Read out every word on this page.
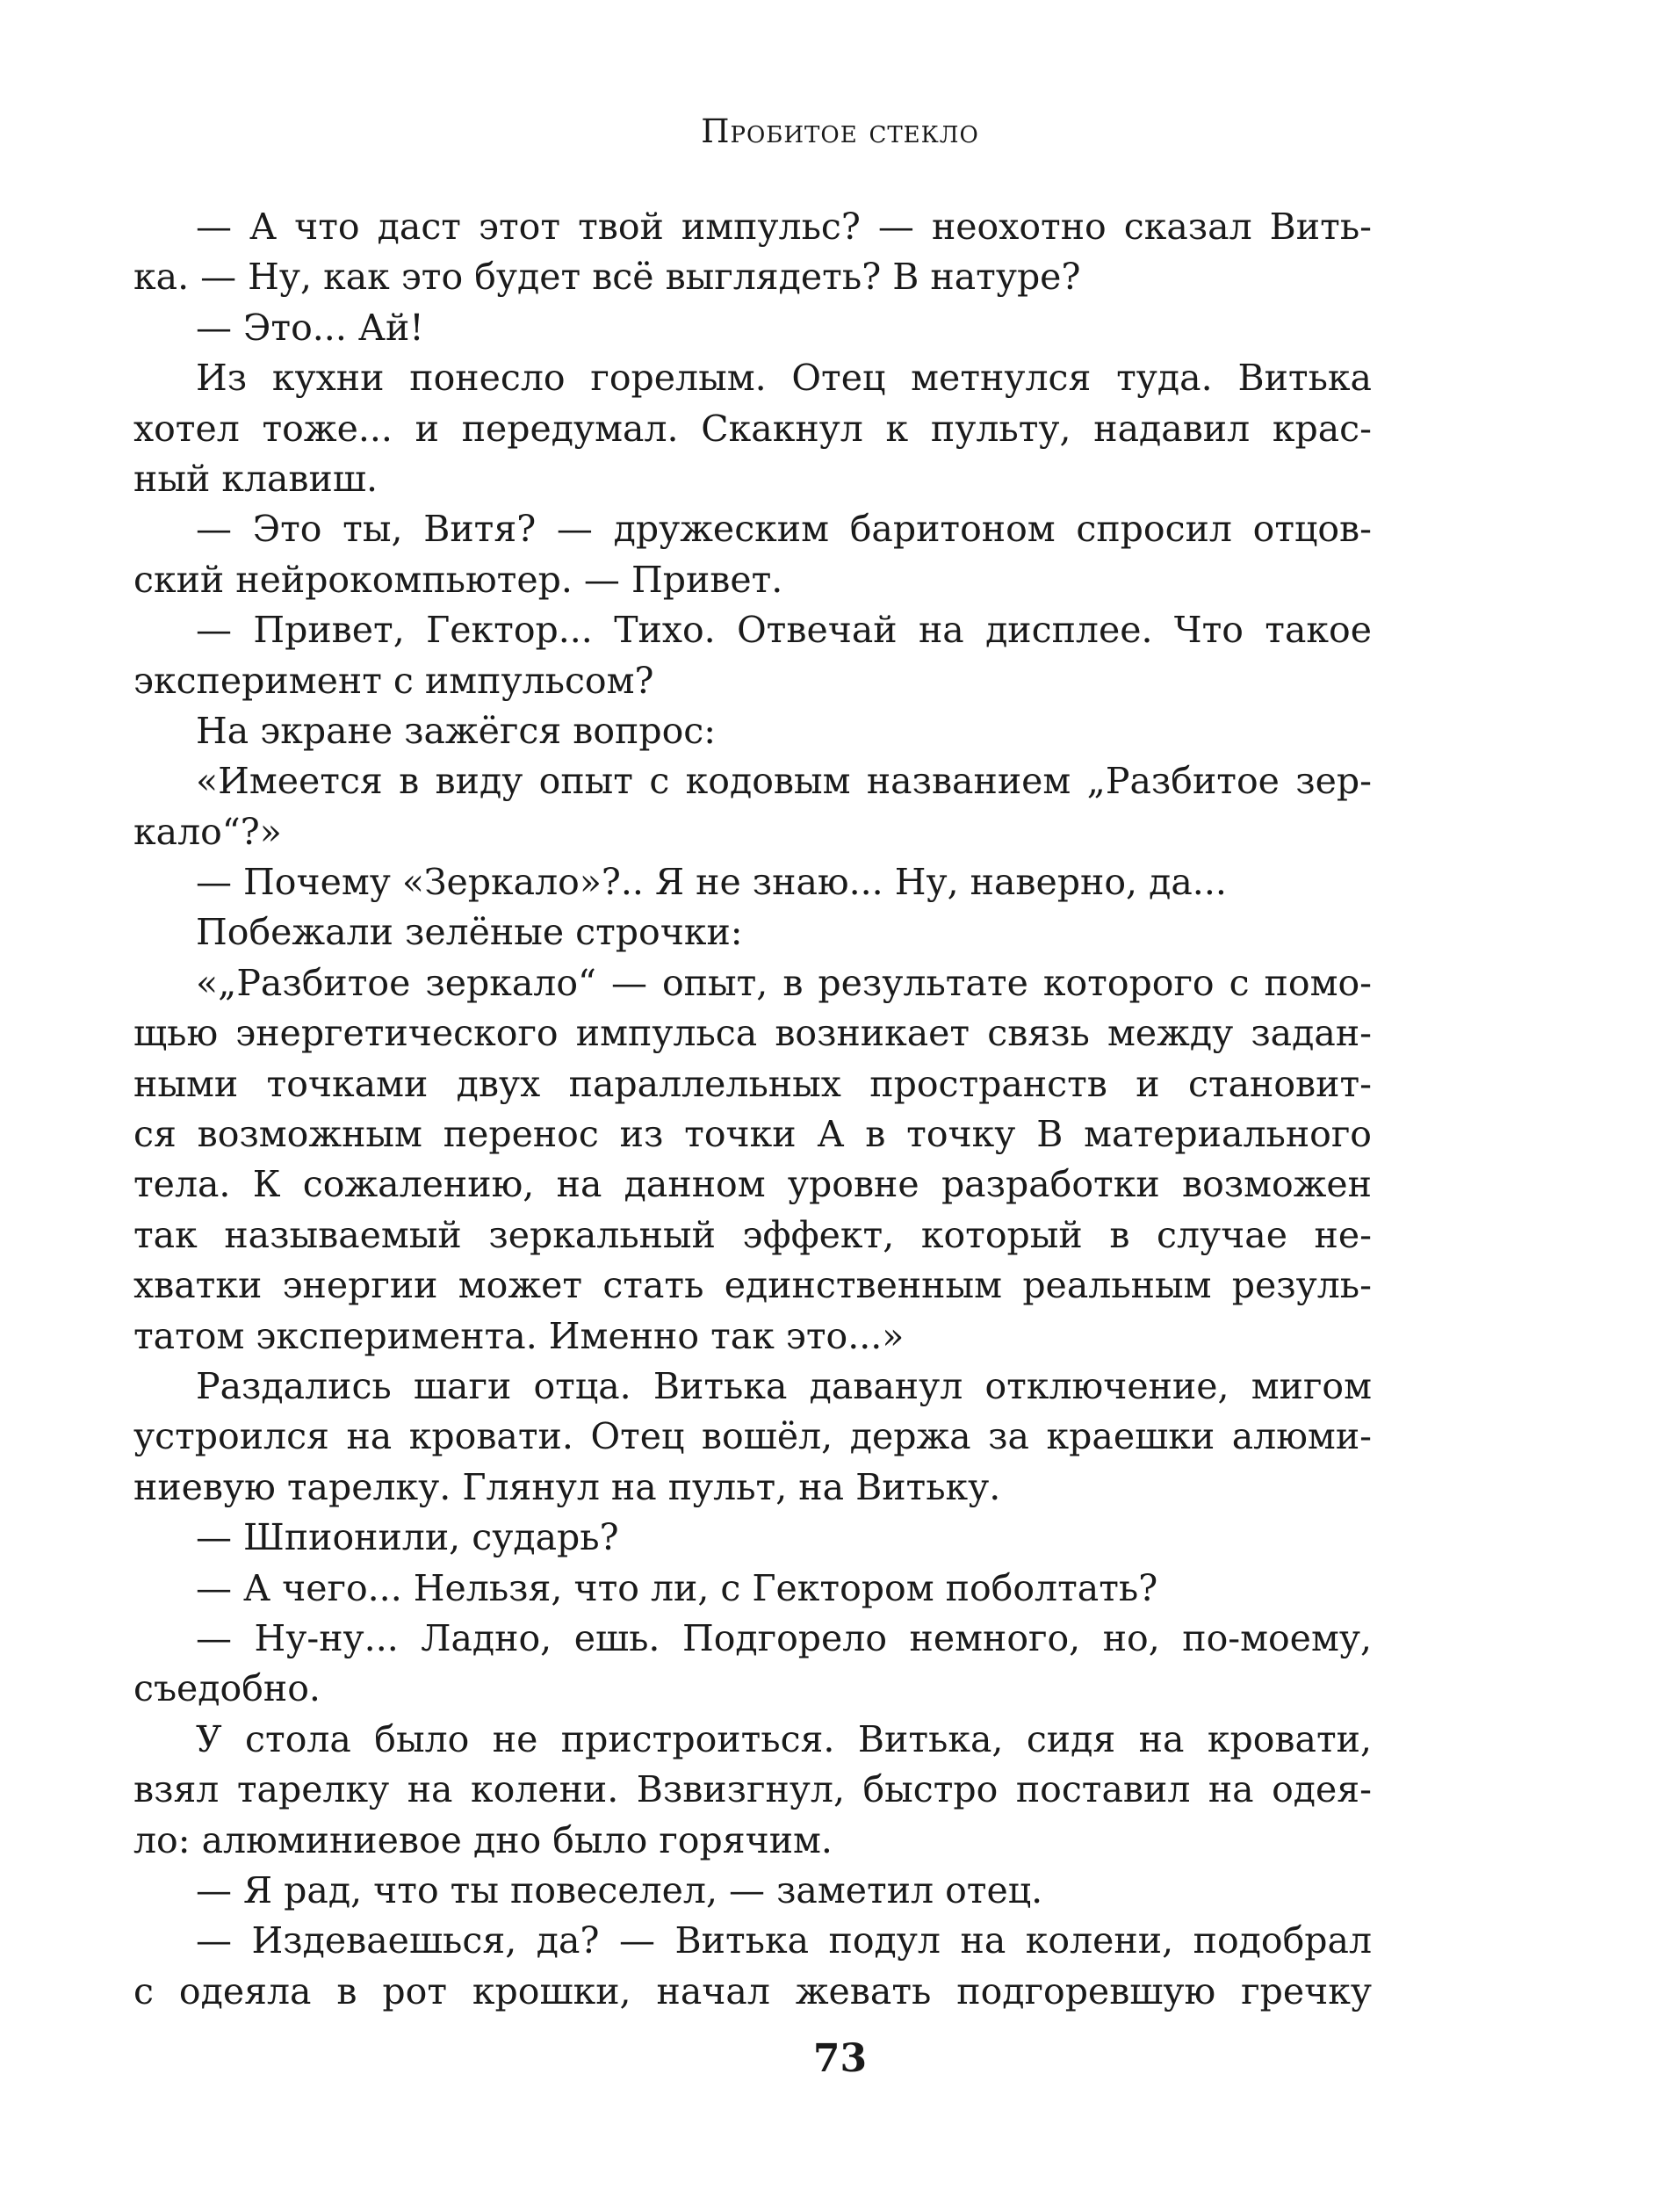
Пробитое стекло
— А что даст этот твой импульс? — неохотно сказал Вить-
ка. — Ну, как это будет всё выглядеть? В натуре?
— Это... Ай!
Из кухни понесло горелым. Отец метнулся туда. Витька
хотел тоже... и передумал. Скакнул к пульту, надавил крас-
ный клавиш.
— Это ты, Витя? — дружеским баритоном спросил отцов-
ский нейрокомпьютер. — Привет.
— Привет, Гектор... Тихо. Отвечай на дисплее. Что такое
эксперимент с импульсом?
На экране зажёгся вопрос:
«Имеется в виду опыт с кодовым названием „Разбитое зер-
кало“?»
— Почему «Зеркало»?.. Я не знаю... Ну, наверно, да...
Побежали зелёные строчки:
«„Разбитое зеркало“ — опыт, в результате которого с помо-
щью энергетического импульса возникает связь между задан-
ными точками двух параллельных пространств и становит-
ся возможным перенос из точки А в точку В материального
тела. К сожалению, на данном уровне разработки возможен
так называемый зеркальный эффект, который в случае не-
хватки энергии может стать единственным реальным резуль-
татом эксперимента. Именно так это...»
Раздались шаги отца. Витька даванул отключение, мигом
устроился на кровати. Отец вошёл, держа за краешки алюми-
ниевую тарелку. Глянул на пульт, на Витьку.
— Шпионили, сударь?
— А чего... Нельзя, что ли, с Гектором поболтать?
— Ну-ну... Ладно, ешь. Подгорело немного, но, по-моему,
съедобно.
У стола было не пристроиться. Витька, сидя на кровати,
взял тарелку на колени. Взвизгнул, быстро поставил на одея-
ло: алюминиевое дно было горячим.
— Я рад, что ты повеселел, — заметил отец.
— Издеваешься, да? — Витька подул на колени, подобрал
с одеяла в рот крошки, начал жевать подгоревшую гречку
73
